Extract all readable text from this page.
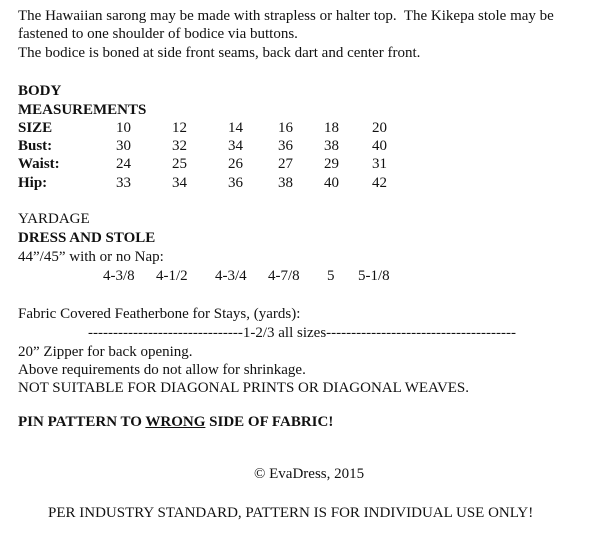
The Hawaiian sarong may be made with strapless or halter top.  The Kikepa stole may be
fastened to one shoulder of bodice via buttons.
The bodice is boned at side front seams, back dart and center front.
BODY
MEASUREMENTS
SIZE	10	12	14 16 18 20
Bust:	30	32	34 36 38 40
Waist:	24	25	26 27 29 31
Hip:	33	34	36 38 40 42
YARDAGE
DRESS AND STOLE
44”/45” with or no Nap:
4-3/8 4-1/2 4-3/4 4-7/8 5 5-1/8
Fabric Covered Featherbone for Stays, (yards):
-------------------------------1-2/3 all sizes--------------------------------------
20” Zipper for back opening.
Above requirements do not allow for shrinkage.
NOT SUITABLE FOR DIAGONAL PRINTS OR DIAGONAL WEAVES.
PIN PATTERN TO WRONG SIDE OF FABRIC!
© EvaDress, 2015
PER INDUSTRY STANDARD, PATTERN IS FOR INDIVIDUAL USE ONLY!
